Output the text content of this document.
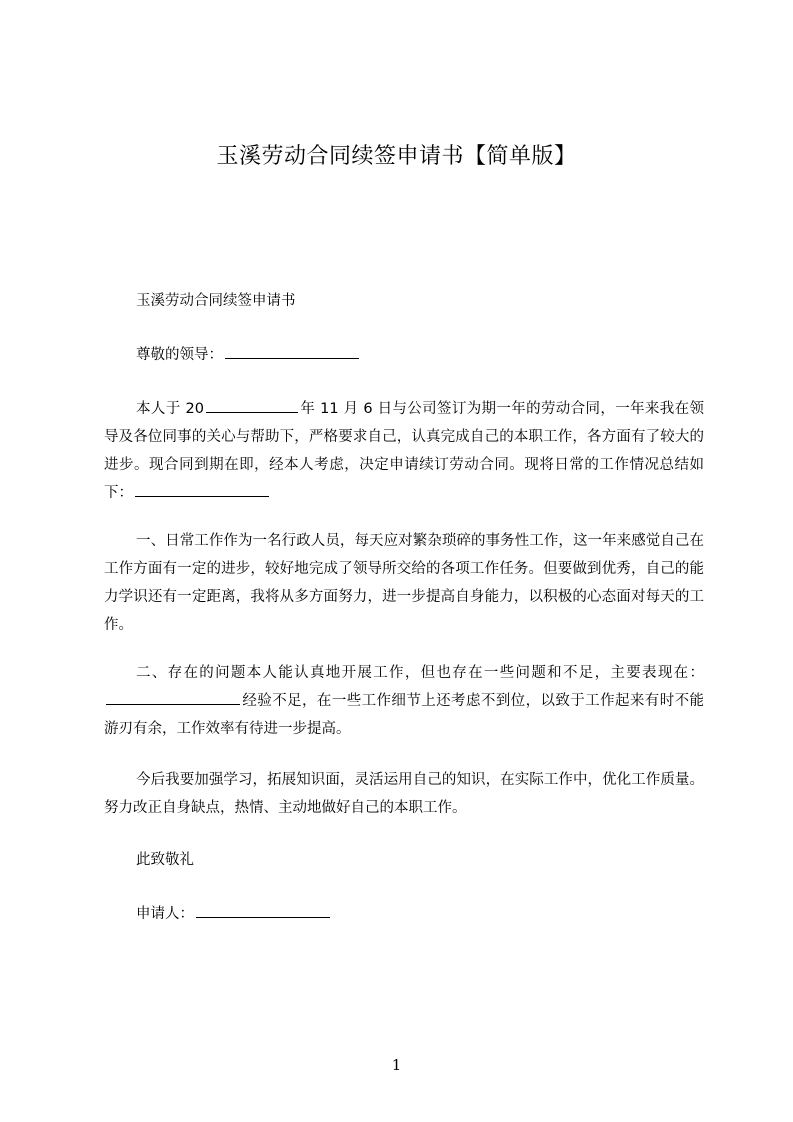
玉溪劳动合同续签申请书【简单版】

玉溪劳动合同续签申请书

尊敬的领导：

本人于 20	年 11 月 6 日与公司签订为期一年的劳动合同，一年来我在领导及各位同事的关心与帮助下，严格要求自己，认真完成自己的本职工作，各方面有了较大的进步。现合同到期在即，经本人考虑，决定申请续订劳动合同。现将日常的工作情况总结如下：

一、日常工作作为一名行政人员，每天应对繁杂琐碎的事务性工作，这一年来感觉自己在工作方面有一定的进步，较好地完成了领导所交给的各项工作任务。但要做到优秀，自己的能力学识还有一定距离，我将从多方面努力，进一步提高自身能力，以积极的心态面对每天的工作。

二、存在的问题本人能认真地开展工作，但也存在一些问题和不足，主要表现在：经验不足，在一些工作细节上还考虑不到位，以致于工作起来有时不能游刃有余，工作效率有待进一步提高。

今后我要加强学习，拓展知识面，灵活运用自己的知识，在实际工作中，优化工作质量。努力改正自身缺点，热情、主动地做好自己的本职工作。

此致敬礼

申请人：

1
